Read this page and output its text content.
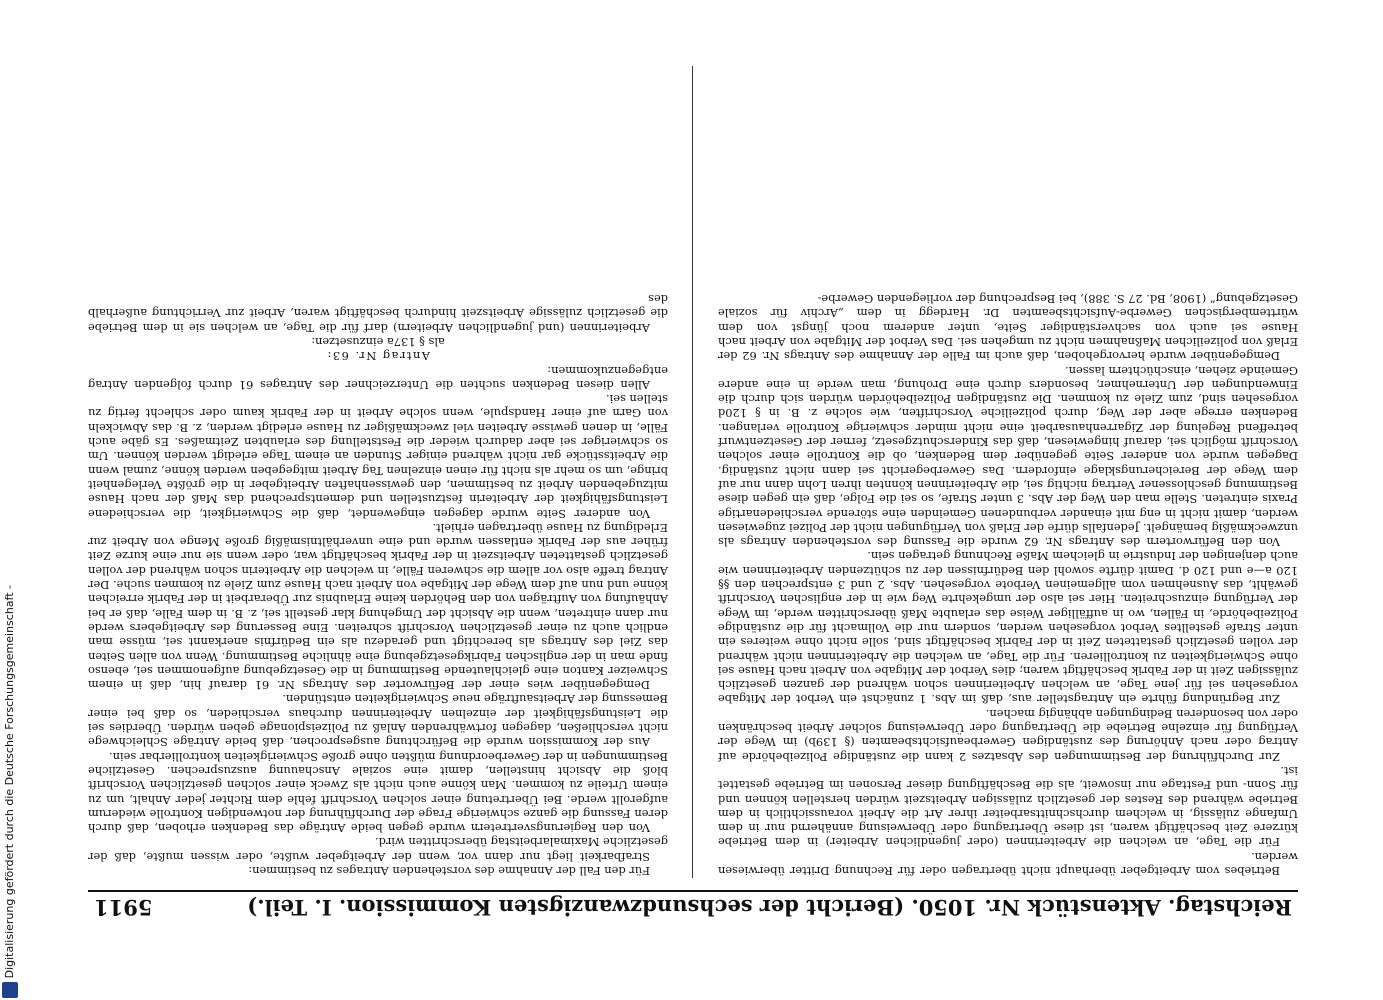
Digitalisierung gefördert durch die Deutsche Forschungsgemeinschaft -	Reichstag. Aktenstück Nr. 1050. (Bericht der sechsundzwanzigsten Kommission. I. Teil.)
5911

Betriebes vom Arbeitgeber überhaupt nicht übertragen oder für Rechnung Dritter überwiesen werden.

Für die Tage, an welchen die Arbeiterinnen (oder jugendlichen Arbeiter) in dem Betriebe kürzere Zeit beschäftigt waren, ist diese Übertragung oder Überweisung annähernd nur in dem Umfange zulässig, in welchem durchschnittsarbeiter ihrer Art die Arbeit voraussichtlich in dem Betriebe während des Restes der gesetzlich zulässigen Arbeitszeit würden herstellen können und für Sonn- und Festtage nur insoweit, als die Beschäftigung dieser Personen im Betriebe gestattet ist.

Zur Durchführung der Bestimmungen des Absatzes 2 kann die zuständige Polizeibehörde auf Antrag oder nach Anhörung des zuständigen Gewerbeaufsichtsbeamten (§ 139b) im Wege der Verfügung für einzelne Betriebe die Übertragung oder Überweisung solcher Arbeit beschränken oder von besonderen Bedingungen abhängig machen.

Zur Begründung führte ein Antragsteller aus, daß im Abs. 1 zunächst ein Verbot der Mitgabe vorgesehen sei für jene Tage, an welchen Arbeiterinnen schon während der ganzen gesetzlich zulässigen Zeit in der Fabrik beschäftigt waren; dies Verbot der Mitgabe von Arbeit nach Hause sei ohne Schwierigkeiten zu kontrollieren. Für die Tage, an welchen die Arbeiterinnen nicht während der vollen gesetzlich gestatteten Zeit in der Fabrik beschäftigt sind, solle nicht ohne weiteres ein unter Strafe gestelltes Verbot vorgesehen werden, sondern nur die Vollmacht für die zuständige Polizeibehörde, in Fällen, wo in auffälliger Weise das erlaubte Maß überschritten werde, im Wege der Verfügung einzuschreiten. Hier sei also der umgekehrte Weg wie in der englischen Vorschrift gewählt, das Ausnehmen vom allgemeinen Verbote vorgesehen. Abs. 2 und 3 entsprechen den §§ 120 a—e und 120 d. Damit dürfte sowohl den Bedürfnissen der zu schützenden Arbeiterinnen wie auch denjenigen der Industrie in gleichem Maße Rechnung getragen sein.

Von den Befürwortern des Antrags Nr. 62 wurde die Fassung des vorstehenden Antrags als unzweckmäßig bemängelt. Jedenfalls dürfe der Erlaß von Verfügungen nicht der Polizei zugewiesen werden, damit nicht in eng mit einander verbundenen Gemeinden eine störende verschiedenartige Praxis eintreten. Stelle man den Weg der Abs. 3 unter Strafe, so sei die Folge, daß ein gegen diese Bestimmung geschlossener Vertrag nichtig sei, die Arbeiterinnen könnten ihren Lohn dann nur auf dem Wege der Bereicherungsklage einfordern. Das Gewerbegericht sei dann nicht zuständig. Dagegen wurde von anderer Seite gegenüber dem Bedenken, ob die Kontrolle einer solchen Vorschrift möglich sei, darauf hingewiesen, daß das Kinderschutzgesetz, ferner der Gesetzentwurf betreffend Regelung der Zigarrenhausarbeit eine nicht minder schwierige Kontrolle verlangen. Bedenken errege aber der Weg, durch polizeiliche Vorschriften, wie solche z. B. in § 120d vorgesehen sind, zum Ziele zu kommen. Die zuständigen Polizeibehörden würden sich durch die Einwendungen der Unternehmer, besonders durch eine Drohung, man werde in eine andere Gemeinde ziehen, einschüchtern lassen.

Demgegenüber wurde hervorgehoben, daß auch im Falle der Annahme des Antrags Nr. 62 der Erlaß von polizeilichen Maßnahmen nicht zu umgehen sei. Das Verbot der Mitgabe von Arbeit nach Hause sei auch von sachverständiger Seite, unter anderem noch jüngst von dem württembergischen Gewerbe-Aufsichtsbeamten Dr. Hardegg in dem „Archiv für soziale Gesetzgebung“ (1908, Bd. 27 S. 388), bei Besprechung der vorliegenden Gewerbe-

Für den Fall der Annahme des vorstehenden Antrages zu bestimmen:

Strafbarkeit liegt nur dann vor, wenn der Arbeitgeber wußte, oder wissen mußte, daß der gesetzliche Maximalarbeitstag überschritten wird.

Von den Regierungsvertretern wurde gegen beide Anträge das Bedenken erhoben, daß durch deren Fassung die ganze schwierige Frage der Durchführung der notwendigen Kontrolle wiederum aufgerollt werde. Bei Übertretung einer solchen Vorschrift fehle dem Richter jeder Anhalt, um zu einem Urteile zu kommen. Man könne auch nicht als Zweck einer solchen gesetzlichen Vorschrift bloß die Absicht hinstellen, damit eine soziale Anschauung auszusprechen. Gesetzliche Bestimmungen in der Gewerbeordnung müßten ohne große Schwierigkeiten kontrollierbar sein.

Aus der Kommission wurde die Befürchtung ausgesprochen, daß beide Anträge Schleichwege nicht verschließen, dagegen fortwährenden Anlaß zu Polizeispionage geben würden. Überdies sei die Leistungsfähigkeit der einzelnen Arbeiterinnen durchaus verschieden, so daß bei einer Bemessung der Arbeitsaufträge neue Schwierigkeiten entstünden.

Demgegenüber wies einer der Befürworter des Antrags Nr. 61 darauf hin, daß in einem Schweizer Kanton eine gleichlautende Bestimmung in die Gesetzgebung aufgenommen sei, ebenso finde man in der englischen Fabrikgesetzgebung eine ähnliche Bestimmung. Wenn von allen Seiten das Ziel des Antrags als berechtigt und geradezu als ein Bedürfnis anerkannt sei, müsse man endlich auch zu einer gesetzlichen Vorschrift schreiten. Eine Besserung des Arbeitgebers werde nur dann eintreten, wenn die Absicht der Umgehung klar gestellt sei, z. B. in dem Falle, daß er bei Anhäufung von Aufträgen von den Behörden keine Erlaubnis zur Überarbeit in der Fabrik erreichen könne und nun auf dem Wege der Mitgabe von Arbeit nach Hause zum Ziele zu kommen suche. Der Antrag treffe also vor allem die schweren Fälle, in welchen die Arbeiterin schon während der vollen gesetzlich gestatteten Arbeitszeit in der Fabrik beschäftigt war, oder wenn sie nur eine kurze Zeit früher aus der Fabrik entlassen wurde und eine unverhältnismäßig große Menge von Arbeit zur Erledigung zu Hause übertragen erhielt.

Von anderer Seite wurde dagegen eingewendet, daß die Schwierigkeit, die verschiedene Leistungsfähigkeit der Arbeiterin festzustellen und dementsprechend das Maß der nach Hause mitzugebenden Arbeit zu bestimmen, den gewissenhaften Arbeitgeber in die größte Verlegenheit bringe, um so mehr als nicht für einen einzelnen Tag Arbeit mitgegeben werden könne, zumal wenn die Arbeitsstücke gar nicht während einiger Stunden an einem Tage erledigt werden können. Um so schwieriger sei aber dadurch wieder die Feststellung des erlaubten Zeitmaßes. Es gäbe auch Fälle, in denen gewisse Arbeiten viel zweckmäßiger zu Hause erledigt werden, z. B. das Abwickeln von Garn auf einer Handspule, wenn solche Arbeit in der Fabrik kaum oder schlecht fertig zu stellen sei.

Allen diesen Bedenken suchten die Unterzeichner des Antrages 61 durch folgenden Antrag entgegenzukommen:

Antrag Nr. 63:

als § 137a einzusetzen:

Arbeiterinnen (und jugendlichen Arbeitern) darf für die Tage, an welchen sie in dem Betriebe die gesetzlich zulässige Arbeitszeit hindurch beschäftigt waren, Arbeit zur Verrichtung außerhalb des
